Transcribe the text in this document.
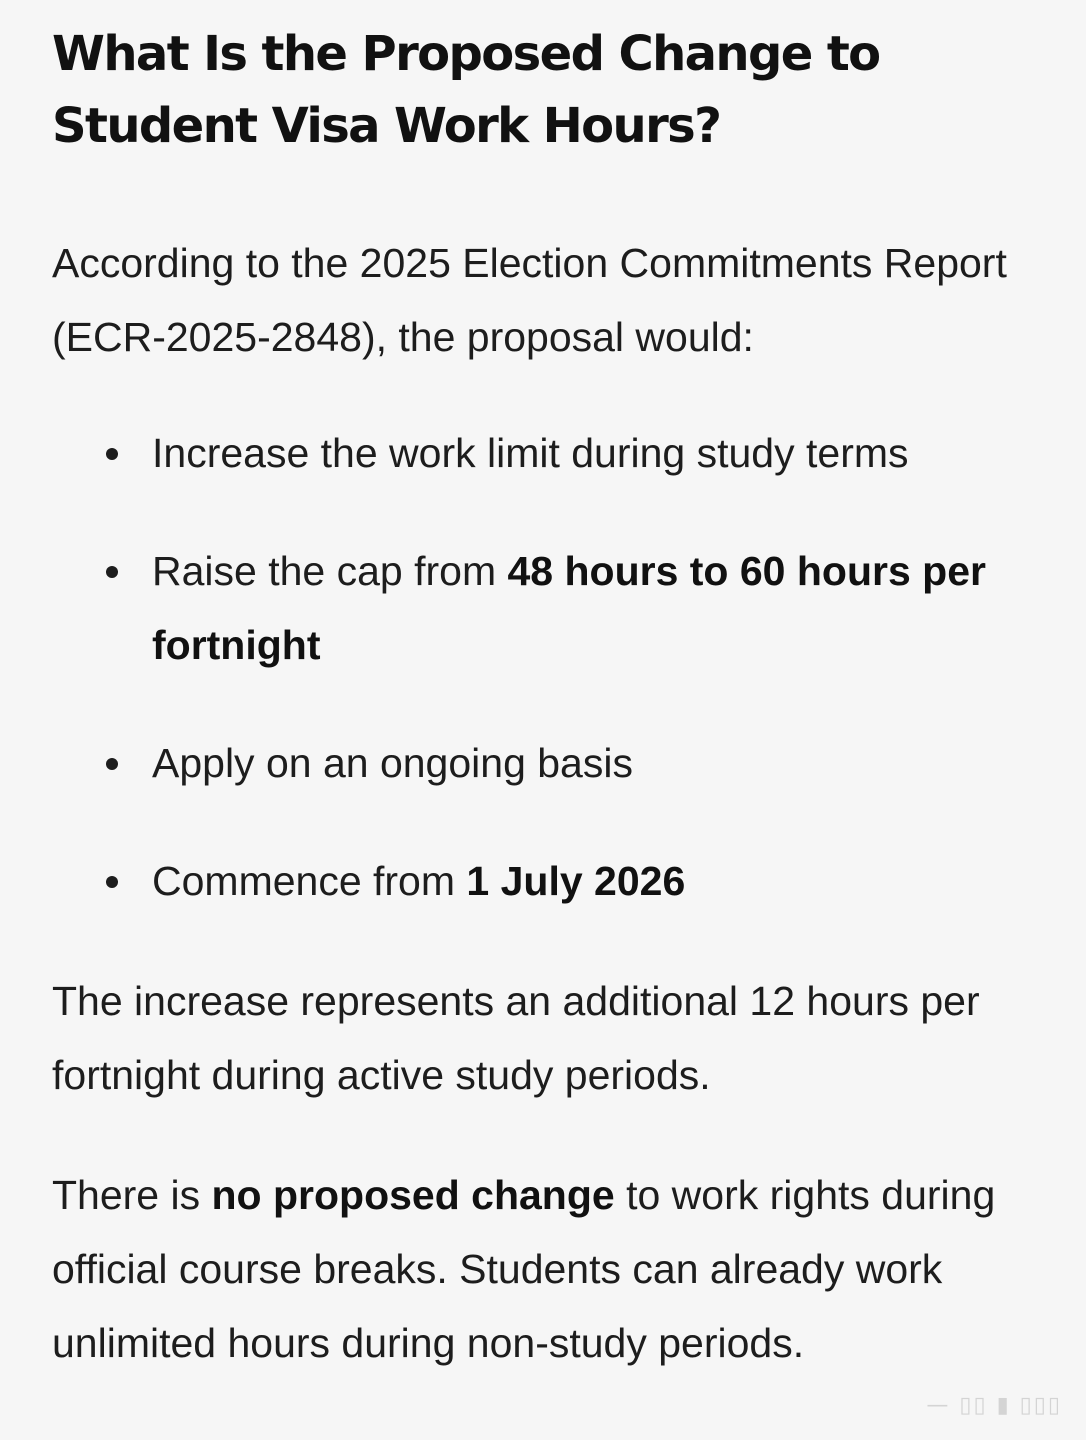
What Is the Proposed Change to Student Visa Work Hours?

According to the 2025 Election Commitments Report (ECR-2025-2848), the proposal would:

Increase the work limit during study terms
Raise the cap from 48 hours to 60 hours per fortnight
Apply on an ongoing basis
Commence from 1 July 2026

The increase represents an additional 12 hours per fortnight during active study periods.

There is no proposed change to work rights during official course breaks. Students can already work unlimited hours during non-study periods.

— ▯▯ ▮ ▯▯▯
